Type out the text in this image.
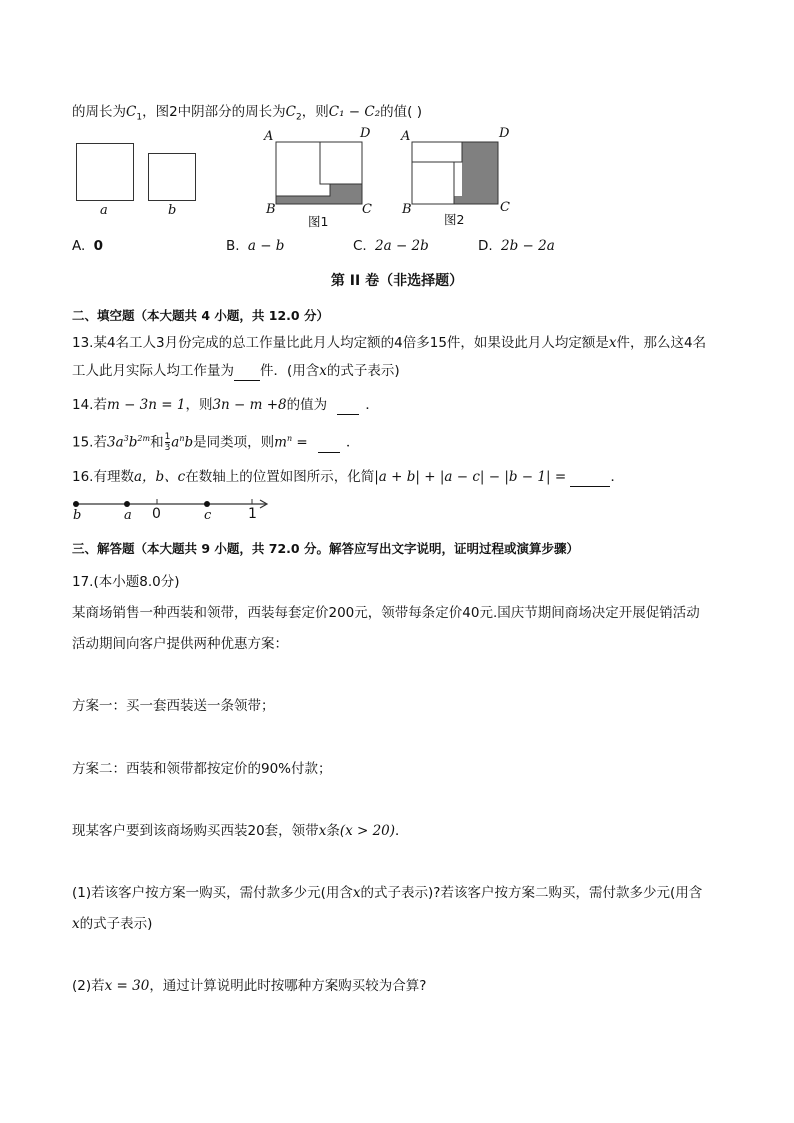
的周长为$C_1$，图2中阴部分的周长为$C_2$，则C₁ − C₂的值( )
a	b
A	D
B	C
图1
A	D
B	C
图2
A. 0	B. a − b	C. 2a − 2b	D. 2b − 2a
第 II 卷（非选择题）
二、填空题（本大题共 4 小题，共 12.0 分）
13.某4名工人3月份完成的总工作量比此月人均定额的4倍多15件，如果设此月人均定额是x件，那么这4名
工人此月实际人均工作量为 件．(用含x的式子表示)
14.若m − 3n = 1，则3n − m +8的值为	．
15.若$3a^3b^{2m}$和 $\frac{1}{3} a^nb$是同类项，则$m^n$ =	．
16.有理数a，b、c在数轴上的位置如图所示，化简|a + b| + |a − c| − |b − 1| =	．
b	a 0	c	1
三、解答题（本大题共 9 小题，共 72.0 分。解答应写出文字说明，证明过程或演算步骤）
17.(本小题8.0分)
某商场销售一种西装和领带，西装每套定价200元，领带每条定价40元.国庆节期间商场决定开展促销活动
活动期间向客户提供两种优惠方案：
方案一：买一套西装送一条领带；
方案二：西装和领带都按定价的90%付款；
现某客户要到该商场购买西装20套，领带x条(x > 20)．
(1)若该客户按方案一购买，需付款多少元(用含x的式子表示)?若该客户按方案二购买，需付款多少元(用含
x的式子表示)
(2)若x = 30，通过计算说明此时按哪种方案购买较为合算?
